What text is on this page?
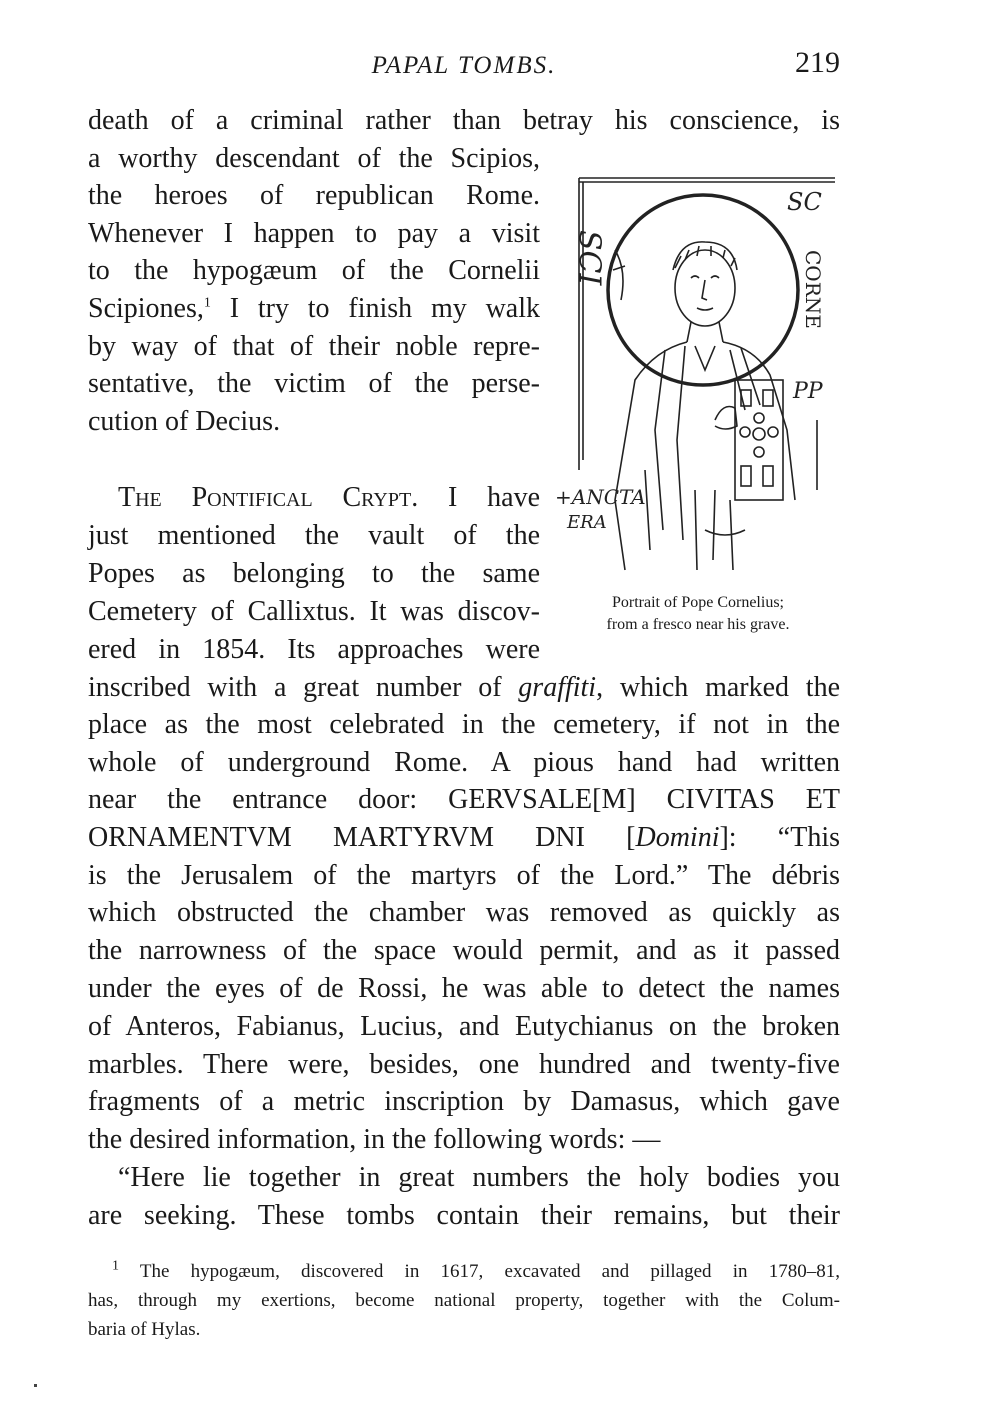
PAPAL TOMBS.	219
death of a criminal rather than betray his conscience, is
a worthy descendant of the Scipios,
the heroes of republican Rome.
Whenever I happen to pay a visit
to the hypogæum of the Cornelii
Scipiones,$^1$ I try to finish my walk
by way of that of their noble repre-
sentative, the victim of the perse-
cution of Decius.
The Pontifical Crypt. I have
just mentioned the vault of the
Popes as belonging to the same
Cemetery of Callixtus. It was discov-
ered in 1854. Its approaches were
inscribed with a great number of graffiti, which marked the
place as the most celebrated in the cemetery, if not in the
whole of underground Rome. A pious hand had written
near the entrance door: GERVSALE[M] CIVITAS ET
ORNAMENTVM MARTYRVM DNI [Domini]: “This
is the Jerusalem of the martyrs of the Lord.” The débris
which obstructed the chamber was removed as quickly as
the narrowness of the space would permit, and as it passed
under the eyes of de Rossi, he was able to detect the names
of Anteros, Fabianus, Lucius, and Eutychianus on the broken
marbles. There were, besides, one hundred and twenty-five
fragments of a metric inscription by Damasus, which gave
the desired information, in the following words: —
“Here lie together in great numbers the holy bodies you
are seeking. These tombs contain their remains, but their
SCI
SC
CORNE
PP
+ANCTA
ERA
Portrait of Pope Cornelius;
from a fresco near his grave.
$^1$ The hypogæum, discovered in 1617, excavated and pillaged in 1780–81,
has, through my exertions, become national property, together with the Colum-
baria of Hylas.
